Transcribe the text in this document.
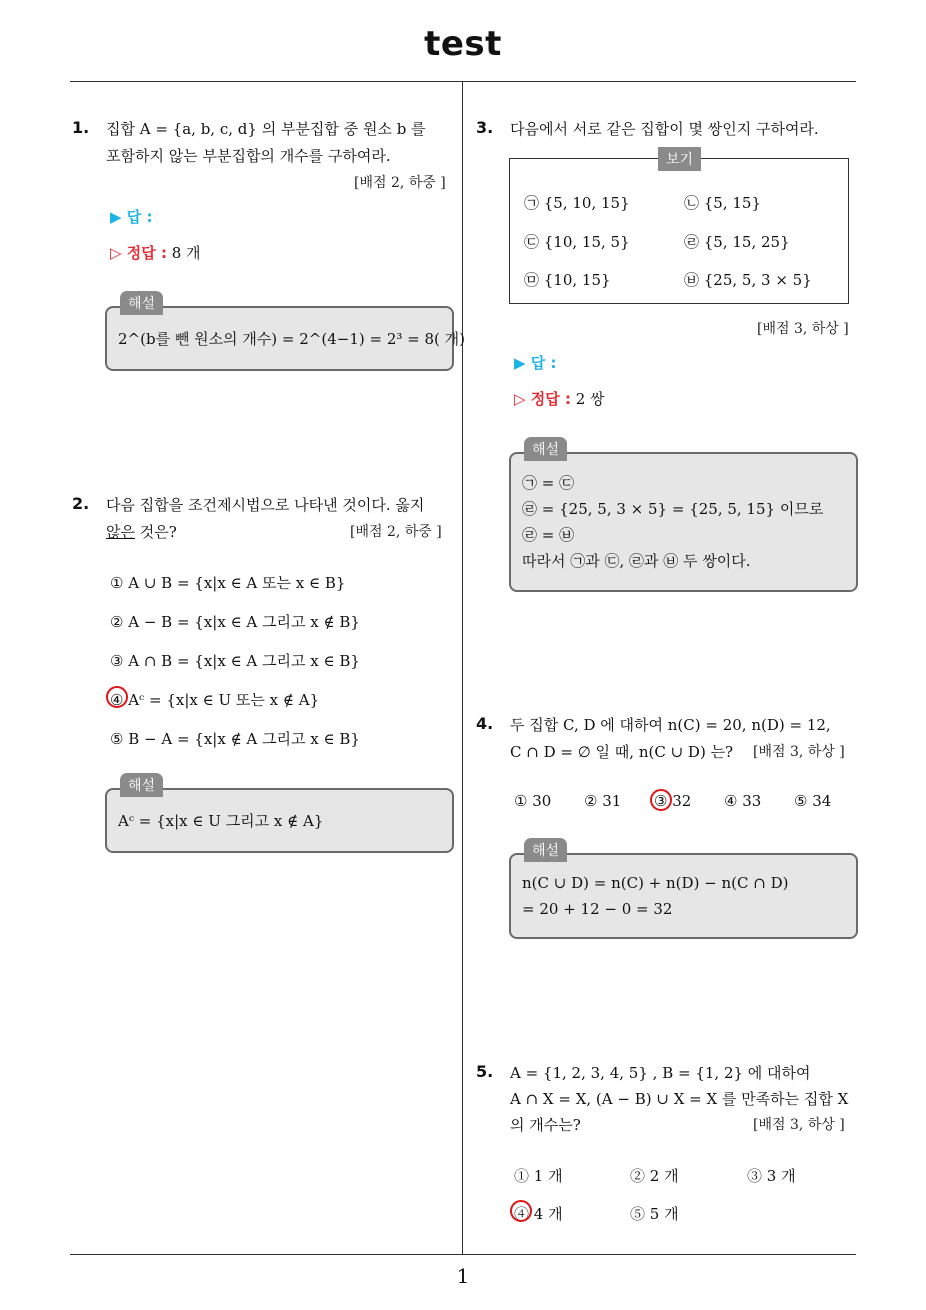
test
1
1. 집합 A = {a, b, c, d} 의 부분집합 중 원소 b 를
포함하지 않는 부분집합의 개수를 구하여라.
[배점 2, 하중 ]
▶ 답 :
▷ 정답 : 8 개
해설
2^(b를 뺀 원소의 개수) = 2^(4−1) = 2³ = 8( 개)
2. 다음 집합을 조건제시법으로 나타낸 것이다. 옳지
않은 것은?	[배점 2, 하중 ]
① A ∪ B = {x|x ∈ A 또는 x ∈ B}
② A − B = {x|x ∈ A 그리고 x ∉ B}
③ A ∩ B = {x|x ∈ A 그리고 x ∈ B}
④ Aᶜ = {x|x ∈ U 또는 x ∉ A}
⑤ B − A = {x|x ∉ A 그리고 x ∈ B}
해설
Aᶜ = {x|x ∈ U 그리고 x ∉ A}
3. 다음에서 서로 같은 집합이 몇 쌍인지 구하여라.
보기
㉠ {5, 10, 15}	㉡ {5, 15}
㉢ {10, 15, 5}	㉣ {5, 15, 25}
㉤ {10, 15}	㉥ {25, 5, 3 × 5}
[배점 3, 하상 ]
▶ 답 :
▷ 정답 : 2 쌍
해설
㉠ = ㉢
㉣ = {25, 5, 3 × 5} = {25, 5, 15} 이므로
㉣ = ㉥
따라서 ㉠과 ㉢, ㉣과 ㉥ 두 쌍이다.
4. 두 집합 C, D 에 대하여 n(C) = 20, n(D) = 12,
C ∩ D = ∅ 일 때, n(C ∪ D) 는? [배점 3, 하상 ]
① 30 ② 31 ③ 32 ④ 33 ⑤ 34
해설
n(C ∪ D) = n(C) + n(D) − n(C ∩ D)
= 20 + 12 − 0 = 32
5. A = {1, 2, 3, 4, 5} , B = {1, 2} 에 대하여
A ∩ X = X, (A − B) ∪ X = X 를 만족하는 집합 X
의 개수는?	[배점 3, 하상 ]
① 1 개	② 2 개	③ 3 개
④ 4 개	⑤ 5 개
